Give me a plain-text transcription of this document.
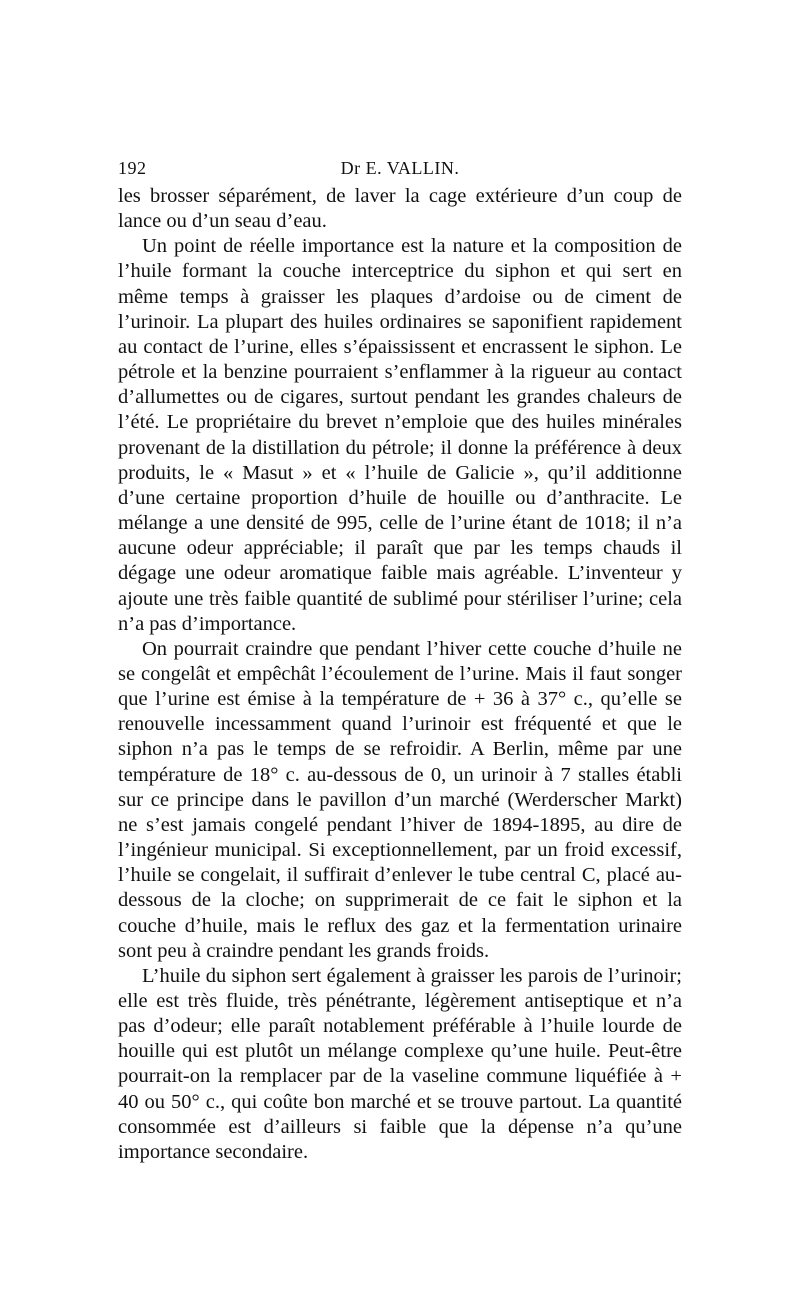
192	Dr E. VALLIN.

les brosser séparément, de laver la cage extérieure d’un coup de lance ou d’un seau d’eau.

Un point de réelle importance est la nature et la composition de l’huile formant la couche interceptrice du siphon et qui sert en même temps à graisser les plaques d’ardoise ou de ciment de l’urinoir. La plupart des huiles ordinaires se saponifient rapidement au contact de l’urine, elles s’épaississent et encrassent le siphon. Le pétrole et la benzine pourraient s’enflammer à la rigueur au contact d’allumettes ou de cigares, surtout pendant les grandes chaleurs de l’été. Le propriétaire du brevet n’emploie que des huiles minérales provenant de la distillation du pétrole; il donne la préférence à deux produits, le « Masut » et « l’huile de Galicie », qu’il additionne d’une certaine proportion d’huile de houille ou d’anthracite. Le mélange a une densité de 995, celle de l’urine étant de 1018; il n’a aucune odeur appréciable; il paraît que par les temps chauds il dégage une odeur aromatique faible mais agréable. L’inventeur y ajoute une très faible quantité de sublimé pour stériliser l’urine; cela n’a pas d’importance.

On pourrait craindre que pendant l’hiver cette couche d’huile ne se congelât et empêchât l’écoulement de l’urine. Mais il faut songer que l’urine est émise à la température de + 36 à 37° c., qu’elle se renouvelle incessamment quand l’urinoir est fréquenté et que le siphon n’a pas le temps de se refroidir. A Berlin, même par une température de 18° c. au-dessous de 0, un urinoir à 7 stalles établi sur ce principe dans le pavillon d’un marché (Werderscher Markt) ne s’est jamais congelé pendant l’hiver de 1894-1895, au dire de l’ingénieur municipal. Si exceptionnellement, par un froid excessif, l’huile se congelait, il suffirait d’enlever le tube central C, placé au-dessous de la cloche; on supprimerait de ce fait le siphon et la couche d’huile, mais le reflux des gaz et la fermentation urinaire sont peu à craindre pendant les grands froids.

L’huile du siphon sert également à graisser les parois de l’urinoir; elle est très fluide, très pénétrante, légèrement antiseptique et n’a pas d’odeur; elle paraît notablement préférable à l’huile lourde de houille qui est plutôt un mélange complexe qu’une huile. Peut-être pourrait-on la remplacer par de la vaseline commune liquéfiée à + 40 ou 50° c., qui coûte bon marché et se trouve partout. La quantité consommée est d’ailleurs si faible que la dépense n’a qu’une importance secondaire.
